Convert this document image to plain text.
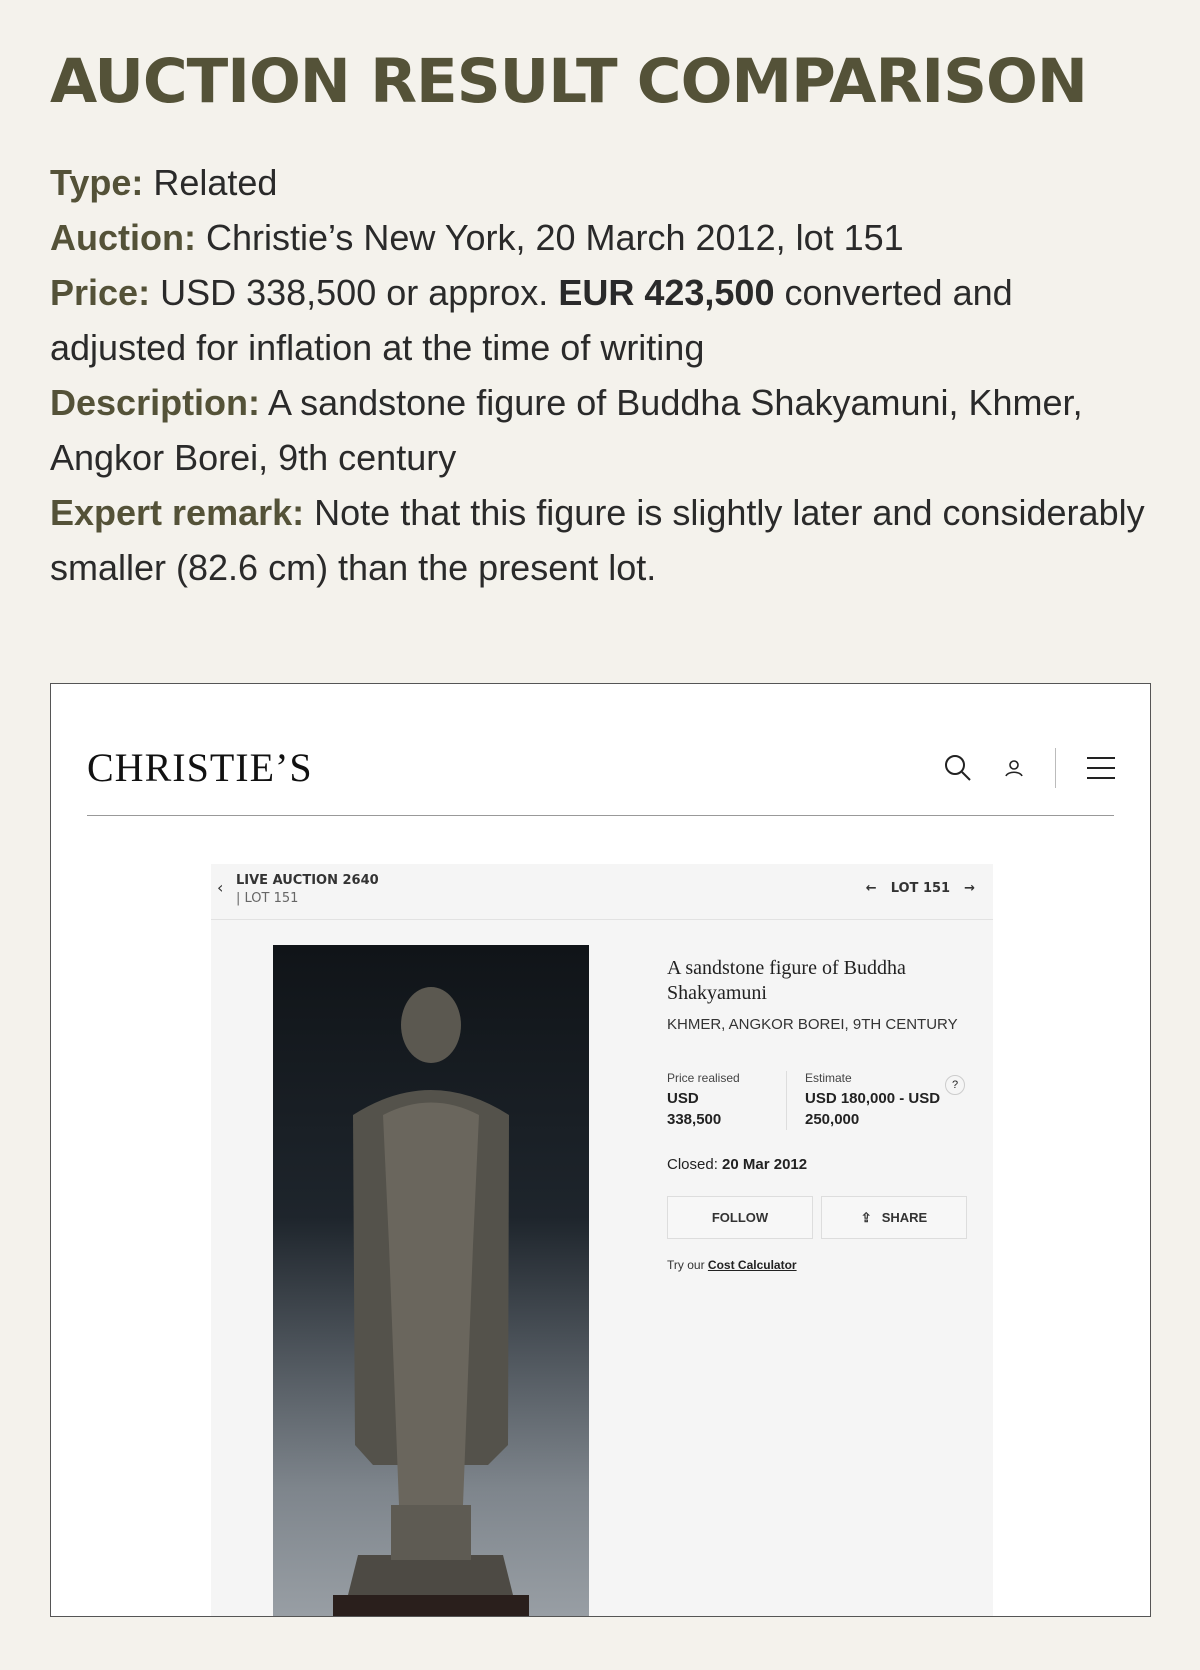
AUCTION RESULT COMPARISON
Type: Related
Auction: Christie’s New York, 20 March 2012, lot 151
Price: USD 338,500 or approx. EUR 423,500 converted and adjusted for inflation at the time of writing
Description: A sandstone figure of Buddha Shakyamuni, Khmer, Angkor Borei, 9th century
Expert remark: Note that this figure is slightly later and considerably smaller (82.6 cm) than the present lot.
CHRISTIE’S
‹ LIVE AUCTION 2640
| LOT 151
← LOT 151 →
A sandstone figure of Buddha Shakyamuni
KHMER, ANGKOR BOREI, 9TH CENTURY
Price realised
USD 338,500
Estimate
USD 180,000 - USD 250,000
?
Closed: 20 Mar 2012
FOLLOW	⇪ SHARE
Try our Cost Calculator
